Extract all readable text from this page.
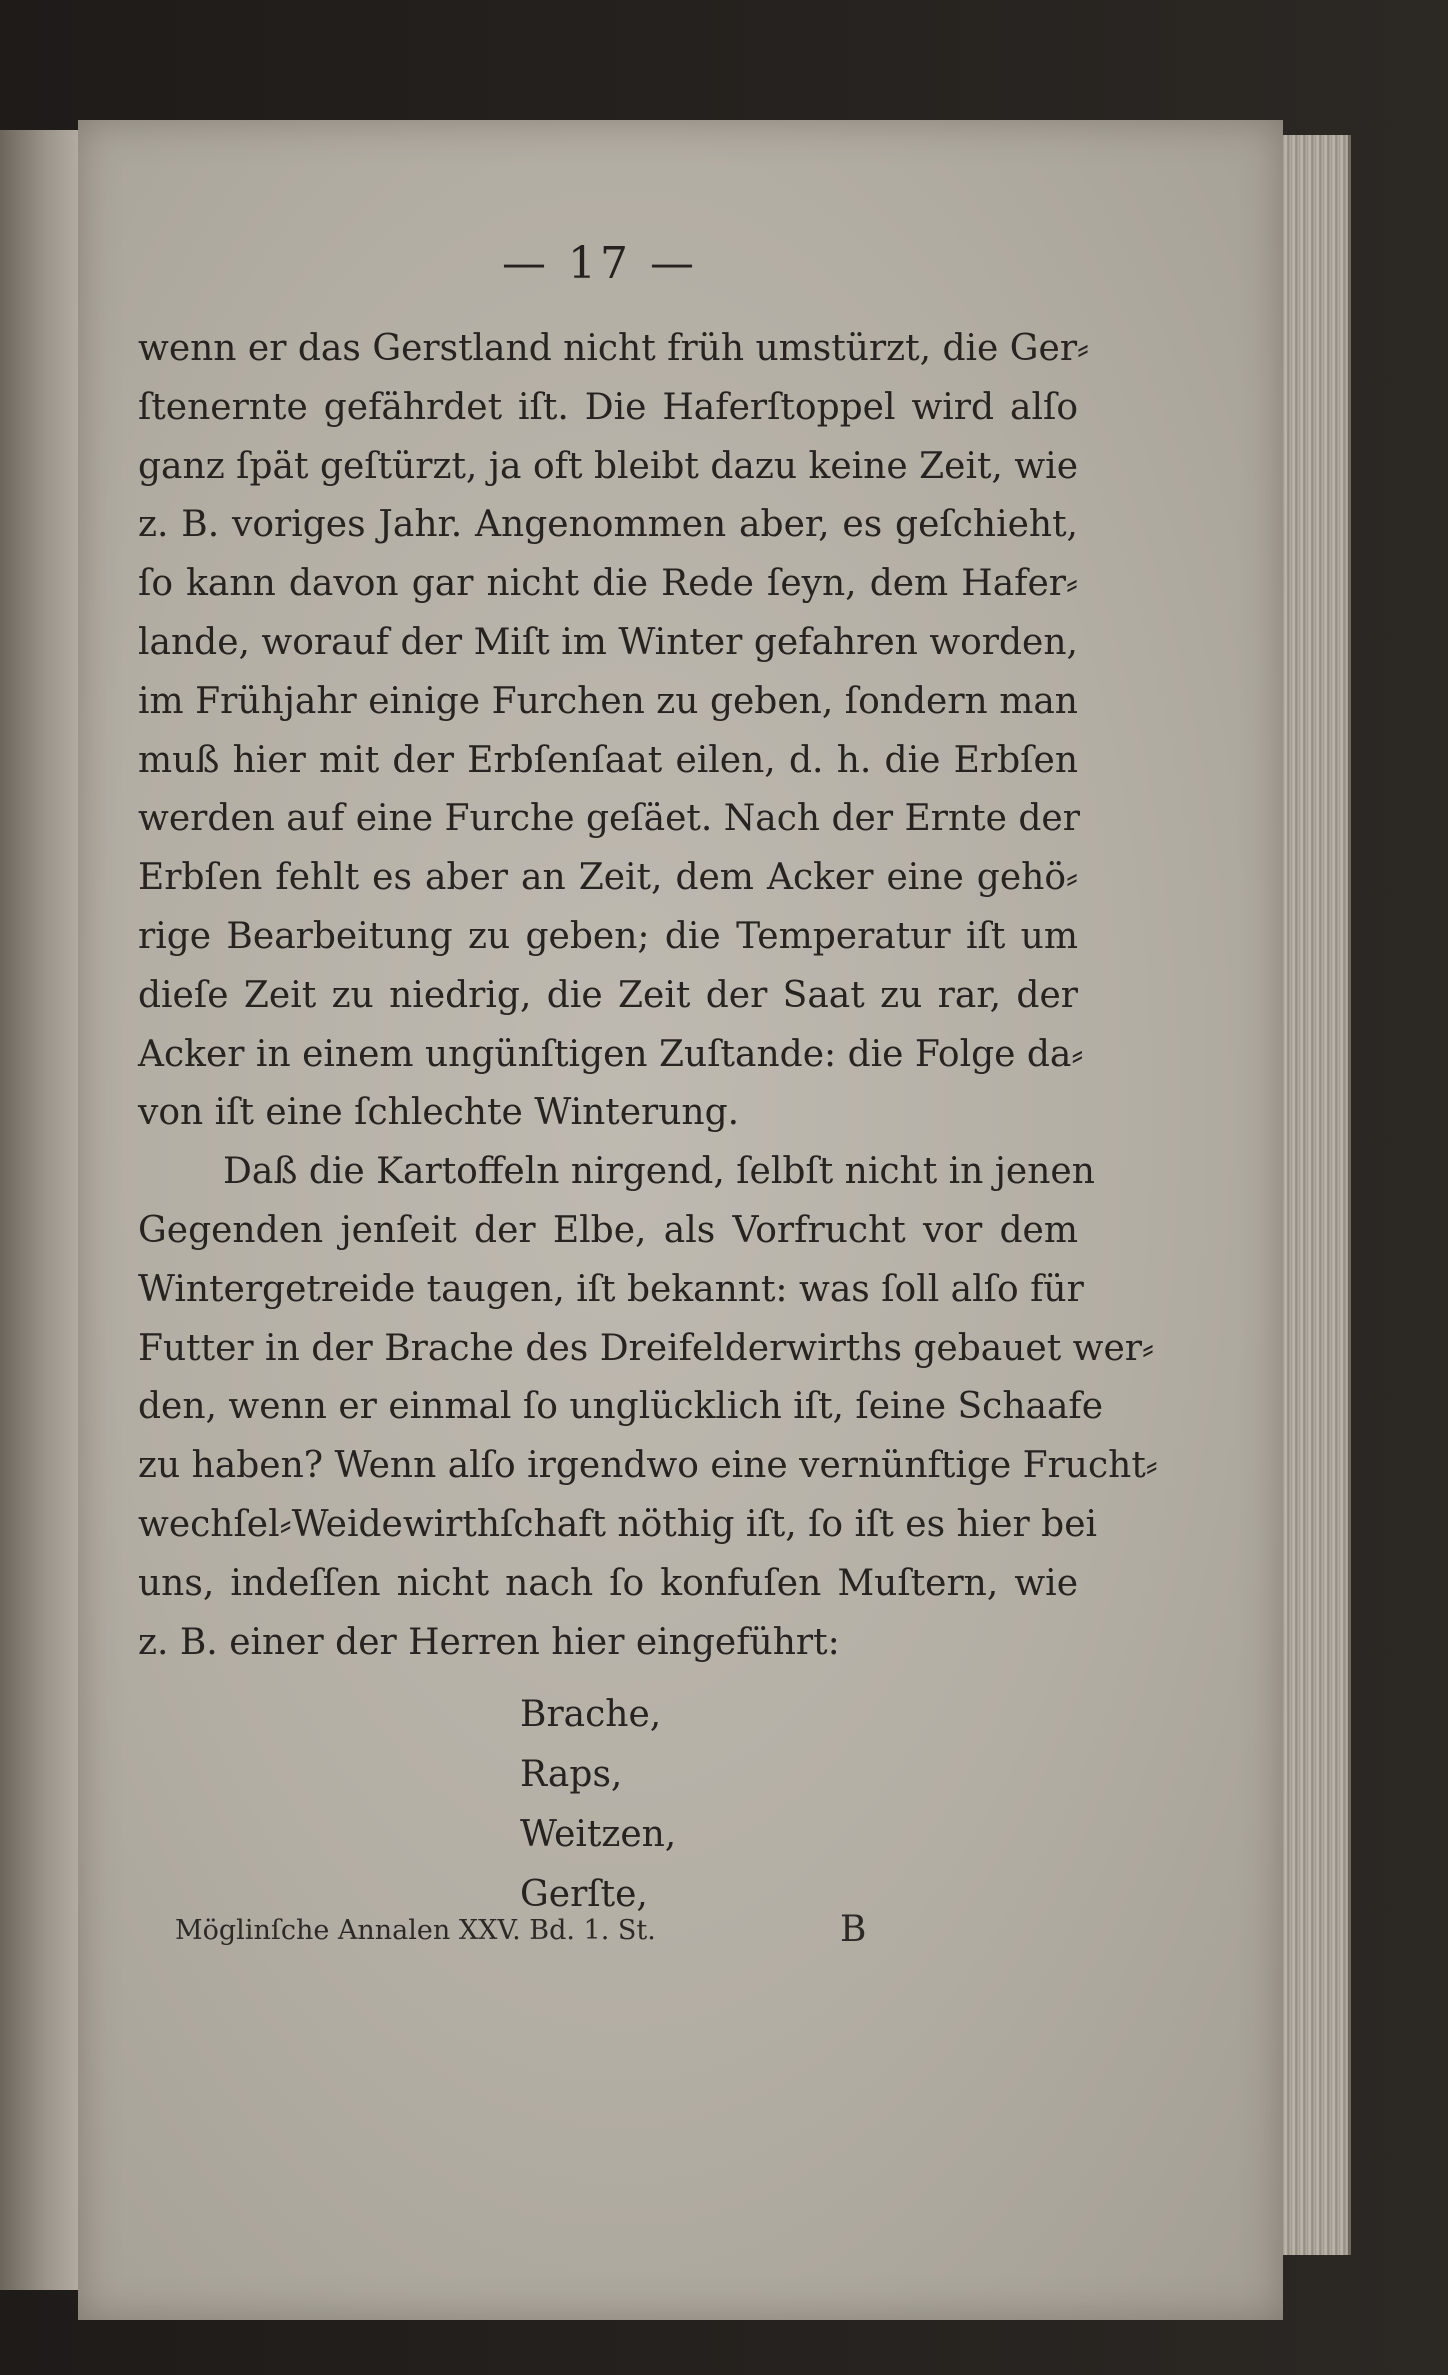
— 17 —
wenn er das Gerstland nicht früh umstürzt, die Ger⸗
ſtenernte gefährdet iſt. Die Haferſtoppel wird alſo
ganz ſpät geſtürzt, ja oft bleibt dazu keine Zeit, wie
z. B. voriges Jahr. Angenommen aber, es geſchieht,
ſo kann davon gar nicht die Rede ſeyn, dem Hafer⸗
lande, worauf der Miſt im Winter gefahren worden,
im Frühjahr einige Furchen zu geben, ſondern man
muß hier mit der Erbſenſaat eilen, d. h. die Erbſen
werden auf eine Furche geſäet. Nach der Ernte der
Erbſen fehlt es aber an Zeit, dem Acker eine gehö⸗
rige Bearbeitung zu geben; die Temperatur iſt um
dieſe Zeit zu niedrig, die Zeit der Saat zu rar, der
Acker in einem ungünſtigen Zuſtande: die Folge da⸗
von iſt eine ſchlechte Winterung.
Daß die Kartoffeln nirgend, ſelbſt nicht in jenen
Gegenden jenſeit der Elbe, als Vorfrucht vor dem
Wintergetreide taugen, iſt bekannt: was ſoll alſo für
Futter in der Brache des Dreifelderwirths gebauet wer⸗
den, wenn er einmal ſo unglücklich iſt, ſeine Schaafe
zu haben? Wenn alſo irgendwo eine vernünftige Frucht⸗
wechſel⸗Weidewirthſchaft nöthig iſt, ſo iſt es hier bei
uns, indeſſen nicht nach ſo konfuſen Muſtern, wie
z. B. einer der Herren hier eingeführt:
Brache,
Raps,
Weitzen,
Gerſte,
Möglinſche Annalen XXV. Bd. 1. St.	B
